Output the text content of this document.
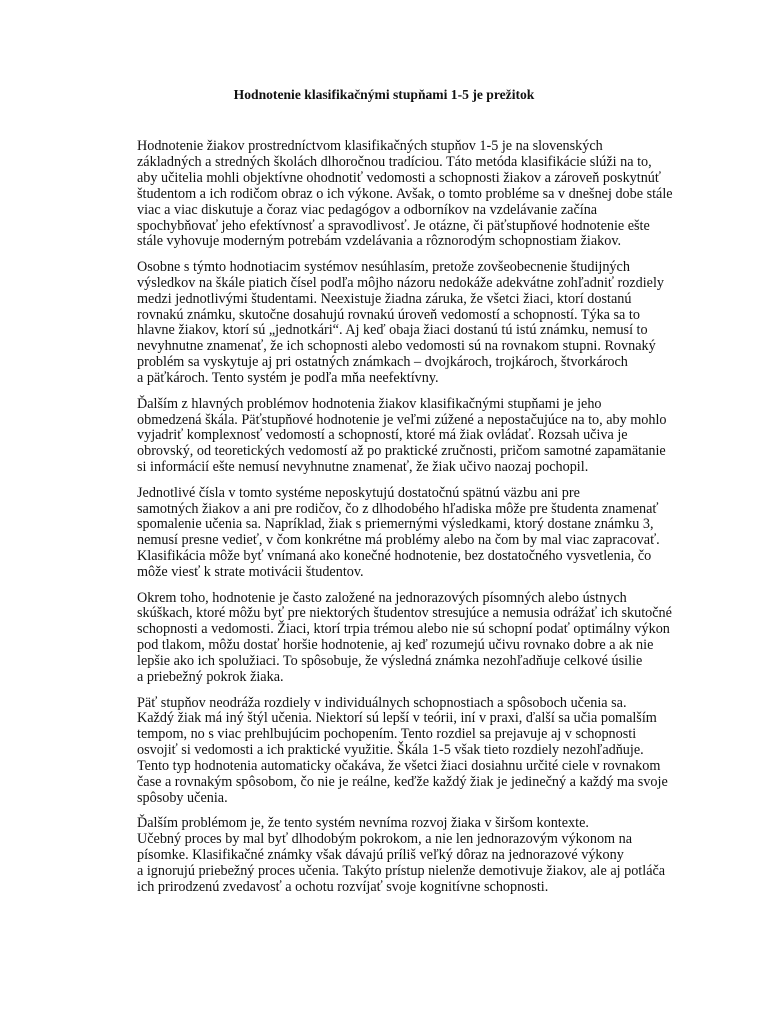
Hodnotenie klasifikačnými stupňami 1-5 je prežitok

Hodnotenie žiakov prostredníctvom klasifikačných stupňov 1-5 je na slovenských
základných a stredných školách dlhoročnou tradíciou. Táto metóda klasifikácie slúži na to,
aby učitelia mohli objektívne ohodnotiť vedomosti a schopnosti žiakov a zároveň poskytnúť
študentom a ich rodičom obraz o ich výkone. Avšak, o tomto probléme sa v dnešnej dobe stále
viac a viac diskutuje a čoraz viac pedagógov a odborníkov na vzdelávanie začína
spochybňovať jeho efektívnosť a spravodlivosť. Je otázne, či päťstupňové hodnotenie ešte
stále vyhovuje moderným potrebám vzdelávania a rôznorodým schopnostiam žiakov.

Osobne s týmto hodnotiacim systémov nesúhlasím, pretože zovšeobecnenie študijných
výsledkov na škále piatich čísel podľa môjho názoru nedokáže adekvátne zohľadniť rozdiely
medzi jednotlivými študentami. Neexistuje žiadna záruka, že všetci žiaci, ktorí dostanú
rovnakú známku, skutočne dosahujú rovnakú úroveň vedomostí a schopností. Týka sa to
hlavne žiakov, ktorí sú „jednotkári“. Aj keď obaja žiaci dostanú tú istú známku, nemusí to
nevyhnutne znamenať, že ich schopnosti alebo vedomosti sú na rovnakom stupni. Rovnaký
problém sa vyskytuje aj pri ostatných známkach – dvojkároch, trojkároch, štvorkároch
a päťkároch. Tento systém je podľa mňa neefektívny.

Ďalším z hlavných problémov hodnotenia žiakov klasifikačnými stupňami je jeho
obmedzená škála. Päťstupňové hodnotenie je veľmi zúžené a nepostačujúce na to, aby mohlo
vyjadriť komplexnosť vedomostí a schopností, ktoré má žiak ovládať. Rozsah učiva je
obrovský, od teoretických vedomostí až po praktické zručnosti, pričom samotné zapamätanie
si informácií ešte nemusí nevyhnutne znamenať, že žiak učivo naozaj pochopil.

Jednotlivé čísla v tomto systéme neposkytujú dostatočnú spätnú väzbu ani pre
samotných žiakov a ani pre rodičov, čo z dlhodobého hľadiska môže pre študenta znamenať
spomalenie učenia sa. Napríklad, žiak s priemernými výsledkami, ktorý dostane známku 3,
nemusí presne vedieť, v čom konkrétne má problémy alebo na čom by mal viac zapracovať.
Klasifikácia môže byť vnímaná ako konečné hodnotenie, bez dostatočného vysvetlenia, čo
môže viesť k strate motivácii študentov.

Okrem toho, hodnotenie je často založené na jednorazových písomných alebo ústnych
skúškach, ktoré môžu byť pre niektorých študentov stresujúce a nemusia odrážať ich skutočné
schopnosti a vedomosti. Žiaci, ktorí trpia trémou alebo nie sú schopní podať optimálny výkon
pod tlakom, môžu dostať horšie hodnotenie, aj keď rozumejú učivu rovnako dobre a ak nie
lepšie ako ich spolužiaci. To spôsobuje, že výsledná známka nezohľadňuje celkové úsilie
a priebežný pokrok žiaka.

Päť stupňov neodráža rozdiely v individuálnych schopnostiach a spôsoboch učenia sa.
Každý žiak má iný štýl učenia. Niektorí sú lepší v teórii, iní v praxi, ďalší sa učia pomalším
tempom, no s viac prehlbujúcim pochopením. Tento rozdiel sa prejavuje aj v schopnosti
osvojiť si vedomosti a ich praktické využitie. Škála 1-5 však tieto rozdiely nezohľadňuje.
Tento typ hodnotenia automaticky očakáva, že všetci žiaci dosiahnu určité ciele v rovnakom
čase a rovnakým spôsobom, čo nie je reálne, keďže každý žiak je jedinečný a každý ma svoje
spôsoby učenia.

Ďalším problémom je, že tento systém nevníma rozvoj žiaka v širšom kontexte.
Učebný proces by mal byť dlhodobým pokrokom, a nie len jednorazovým výkonom na
písomke. Klasifikačné známky však dávajú príliš veľký dôraz na jednorazové výkony
a ignorujú priebežný proces učenia. Takýto prístup nielenže demotivuje žiakov, ale aj potláča
ich prirodzenú zvedavosť a ochotu rozvíjať svoje kognitívne schopnosti.
